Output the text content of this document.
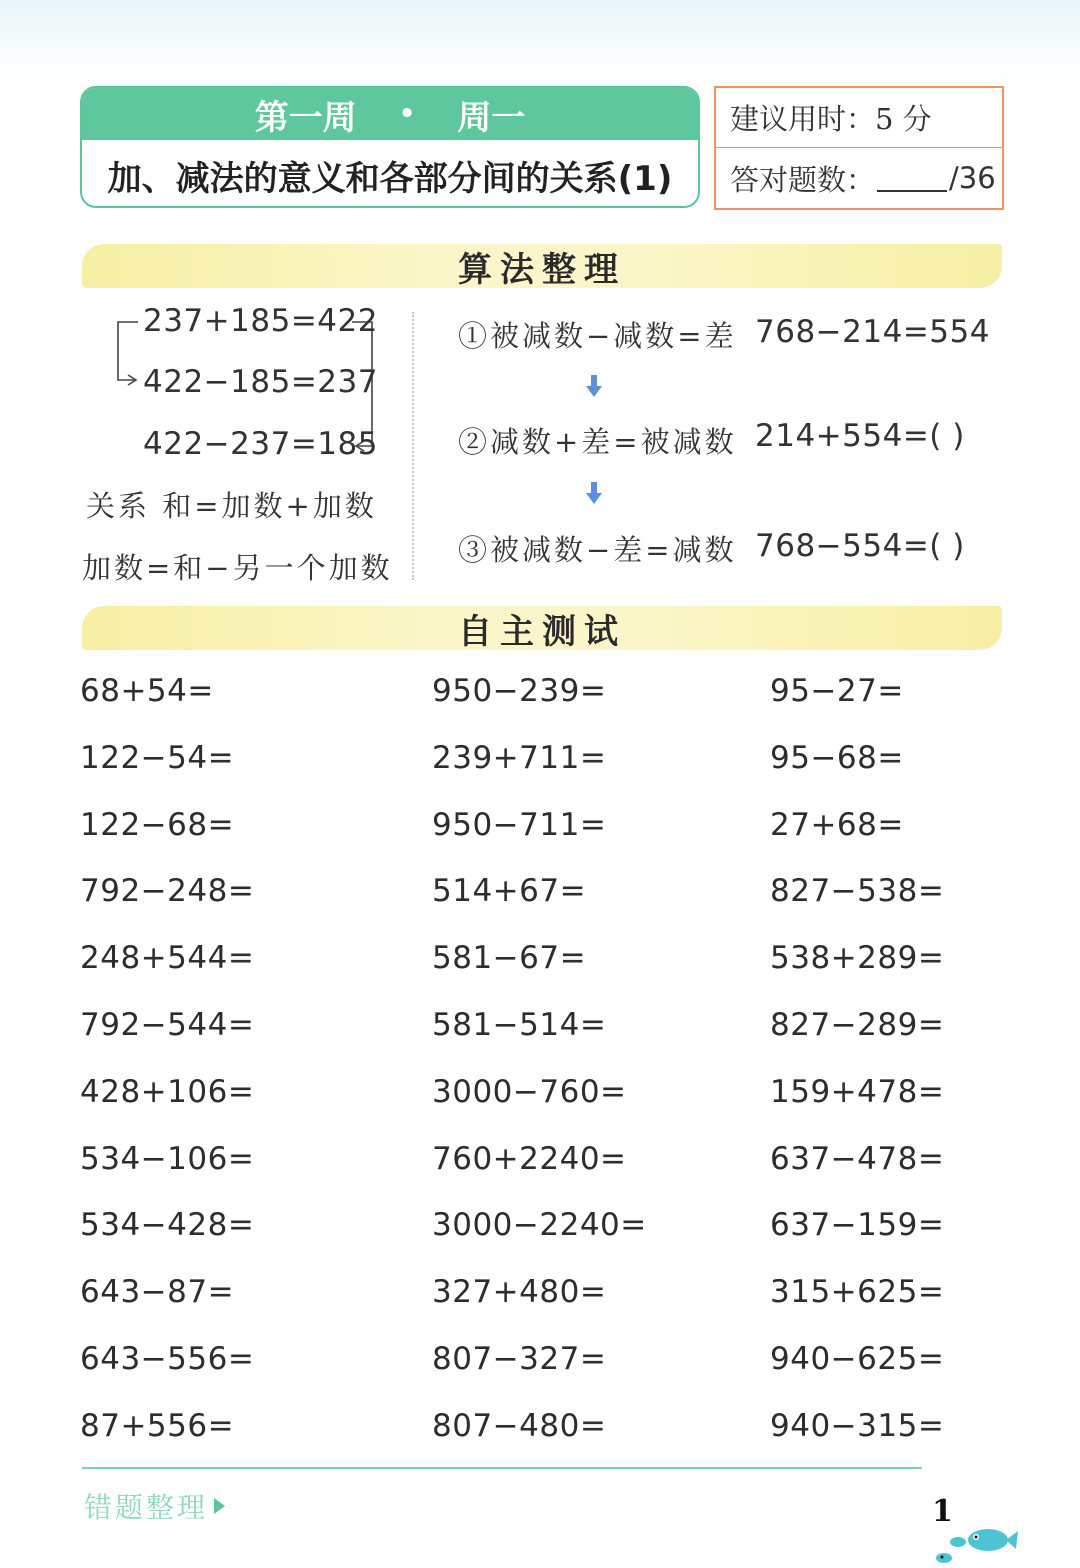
第一周 • 周一
加、减法的意义和各部分间的关系(1)
建议用时：5 分
答对题数：	/36
算法整理
237+185=422
422−185=237
422−237=185
关系 和=加数+加数
加数=和−另一个加数
①被减数−减数=差 768−214=554
②减数+差=被减数 214+554=( )
③被减数−差=减数 768−554=( )
自主测试
68+54=	950−239=	95−27=
122−54=	239+711=	95−68=
122−68=	950−711=	27+68=
792−248=	514+67=	827−538=
248+544=	581−67=	538+289=
792−544=	581−514=	827−289=
428+106=	3000−760=	159+478=
534−106=	760+2240=	637−478=
534−428=	3000−2240=	637−159=
643−87=	327+480=	315+625=
643−556=	807−327=	940−625=
87+556=	807−480=	940−315=
错题整理	1
